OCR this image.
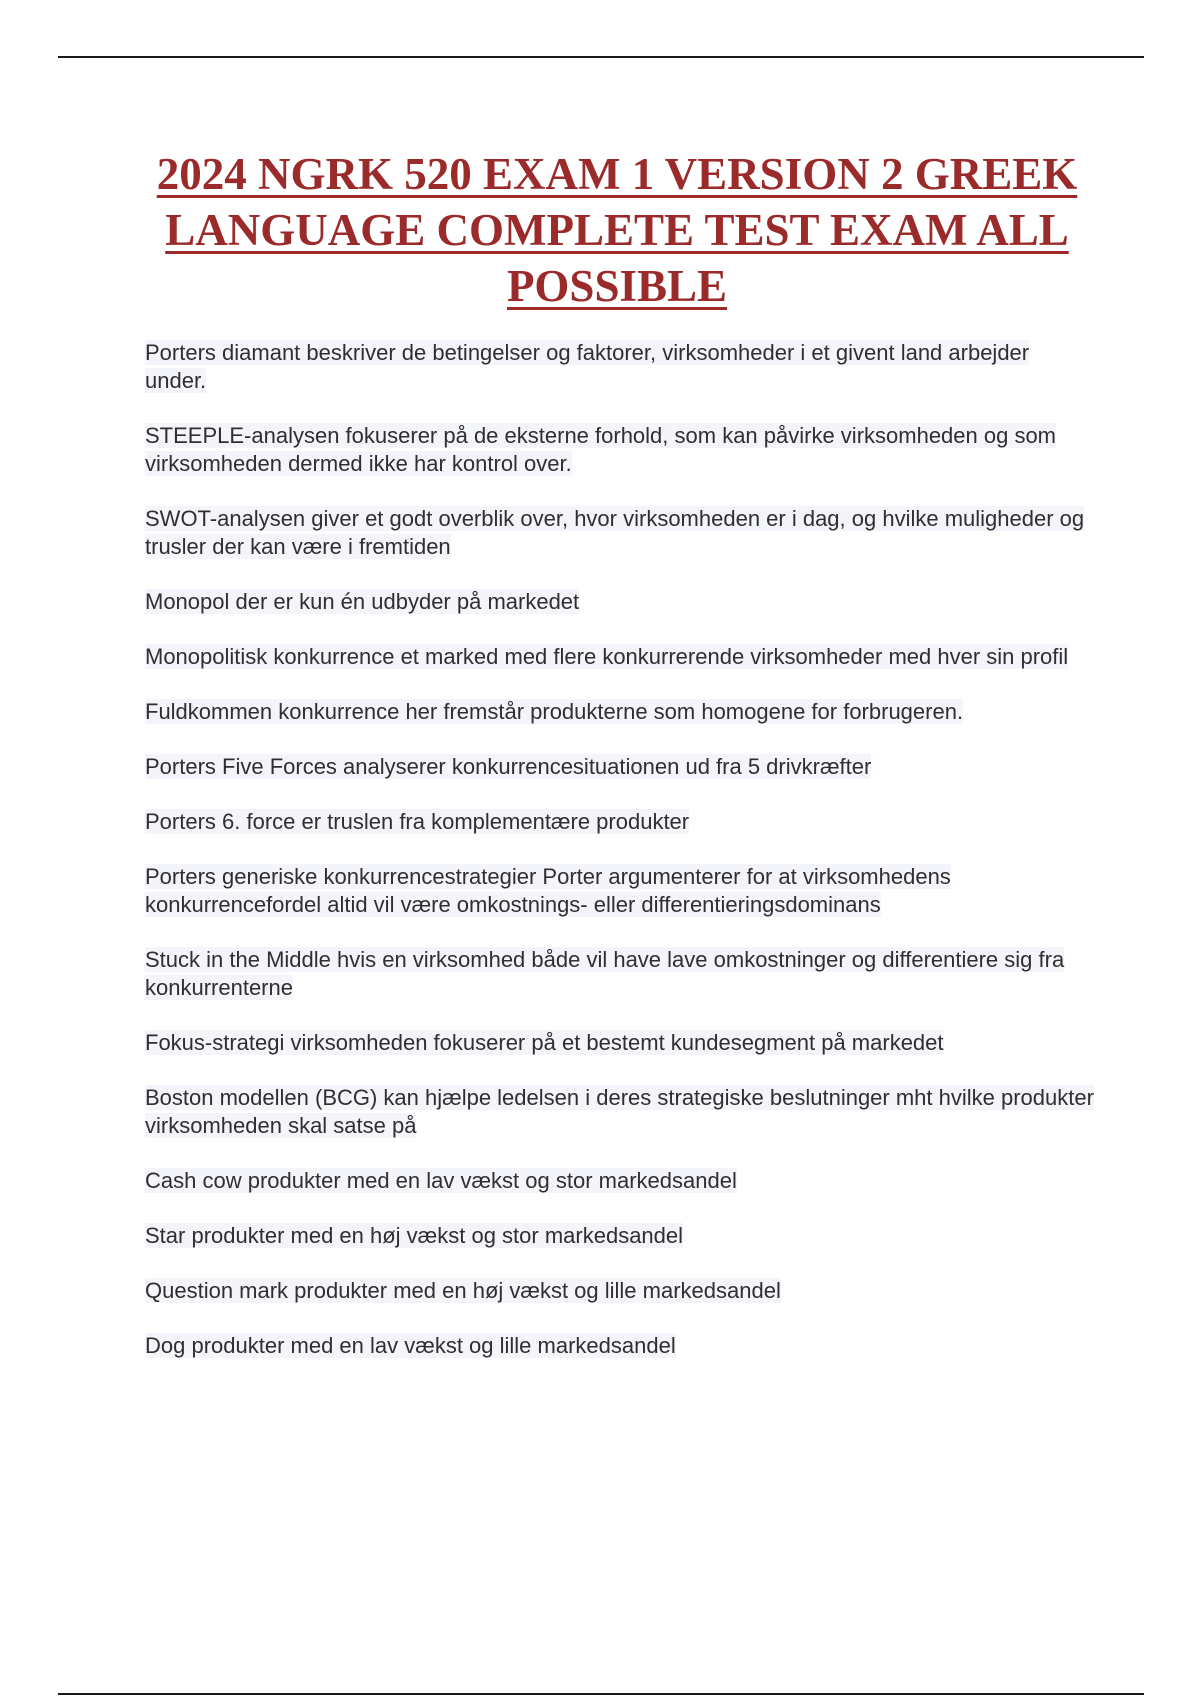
2024 NGRK 520 EXAM 1 VERSION 2 GREEK LANGUAGE COMPLETE TEST EXAM ALL POSSIBLE
Porters diamant beskriver de betingelser og faktorer, virksomheder i et givent land arbejder under.
STEEPLE-analysen fokuserer på de eksterne forhold, som kan påvirke virksomheden og som virksomheden dermed ikke har kontrol over.
SWOT-analysen giver et godt overblik over, hvor virksomheden er i dag, og hvilke muligheder og trusler der kan være i fremtiden
Monopol der er kun én udbyder på markedet
Monopolitisk konkurrence et marked med flere konkurrerende virksomheder med hver sin profil
Fuldkommen konkurrence her fremstår produkterne som homogene for forbrugeren.
Porters Five Forces analyserer konkurrencesituationen ud fra 5 drivkræfter
Porters 6. force er truslen fra komplementære produkter
Porters generiske konkurrencestrategier Porter argumenterer for at virksomhedens konkurrencefordel altid vil være omkostnings- eller differentieringsdominans
Stuck in the Middle hvis en virksomhed både vil have lave omkostninger og differentiere sig fra konkurrenterne
Fokus-strategi virksomheden fokuserer på et bestemt kundesegment på markedet
Boston modellen (BCG) kan hjælpe ledelsen i deres strategiske beslutninger mht hvilke produkter virksomheden skal satse på
Cash cow produkter med en lav vækst og stor markedsandel
Star produkter med en høj vækst og stor markedsandel
Question mark produkter med en høj vækst og lille markedsandel
Dog produkter med en lav vækst og lille markedsandel
